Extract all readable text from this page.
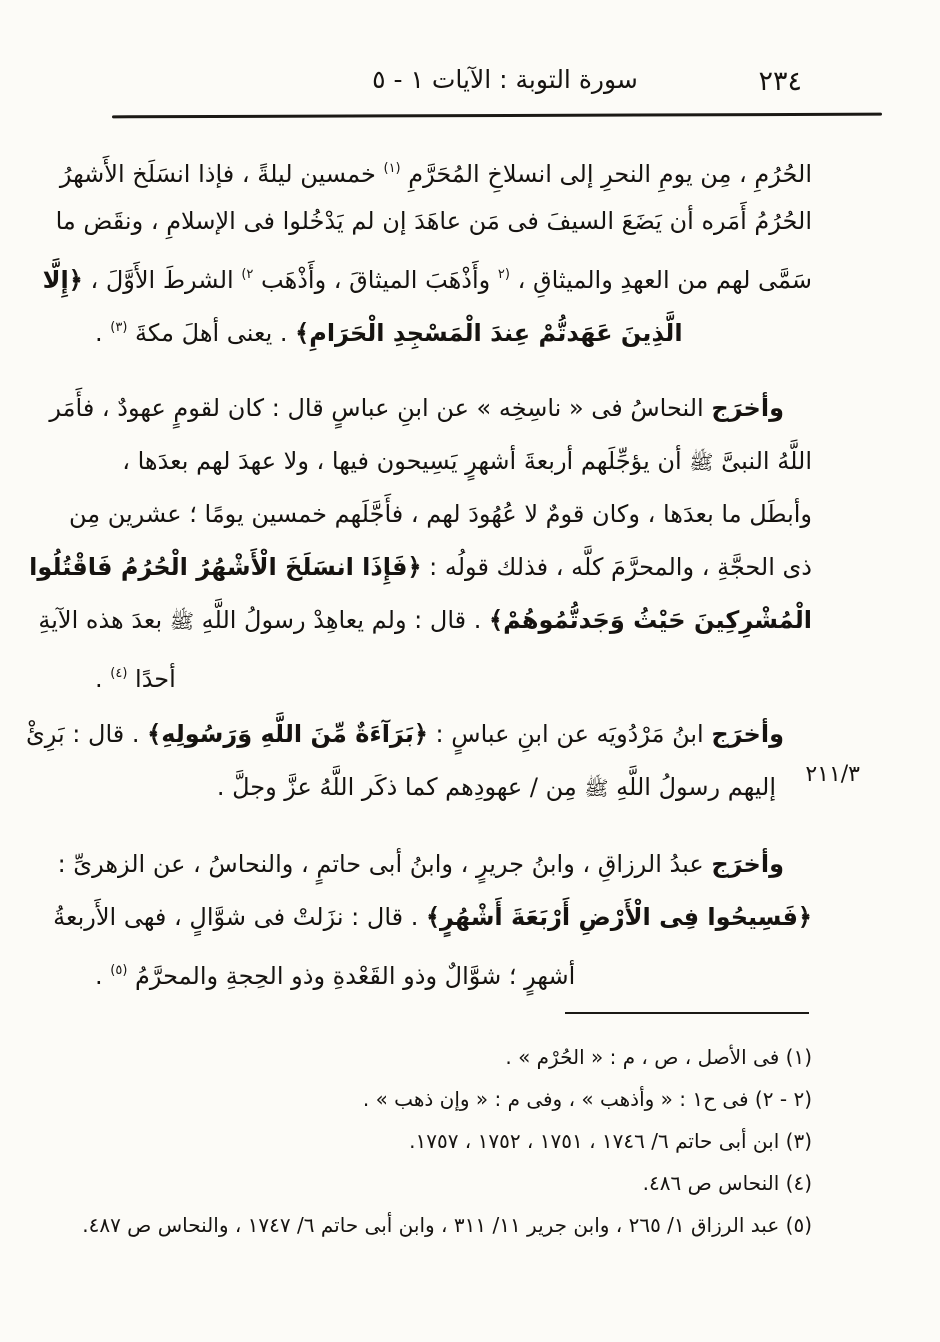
سورة التوبة : الآيات ١ - ٥	٢٣٤
الحُرُمِ ، مِن يومِ النحرِ إلى انسلاخِ المُحَرَّمِ $^{(١)}$ خمسين ليلةً ، فإذا انسَلَخ الأَشهرُ
الحُرُمُ أَمَره أن يَضَعَ السيفَ فى مَن عاهَدَ إن لم يَدْخُلوا فى الإسلامِ ، ونقَض ما
سَمَّى لهم من العهدِ والميثاقِ ، $^{(٢}$ وأَذْهَبَ الميثاقَ ، وأَذْهَب $^{٢)}$ الشرطَ الأَوَّلَ ، ﴿إِلَّا
الَّذِينَ عَهَدتُّمْ عِندَ الْمَسْجِدِ الْحَرَامِ﴾ . يعنى أهلَ مكةَ $^{(٣)}$ .
وأخرَج النحاسُ فى « ناسِخِه » عن ابنِ عباسٍ قال : كان لقومٍ عهودٌ ، فأَمَر
اللَّهُ النبىَّ ﷺ أن يؤجِّلَهم أربعةَ أشهرٍ يَسِيحون فيها ، ولا عهدَ لهم بعدَها ،
وأبطَل ما بعدَها ، وكان قومٌ لا عُهُودَ لهم ، فأَجَّلَهم خمسين يومًا ؛ عشرين مِن
ذى الحجَّةِ ، والمحرَّمَ كلَّه ، فذلك قولُه : ﴿فَإِذَا انسَلَخَ الْأَشْهُرُ الْحُرُمُ فَاقْتُلُوا
الْمُشْرِكِينَ حَيْثُ وَجَدتُّمُوهُمْ﴾ . قال : ولم يعاهِدْ رسولُ اللَّهِ ﷺ بعدَ هذه الآيةِ
أحدًا $^{(٤)}$ .
وأخرَج ابنُ مَرْدُويَه عن ابنِ عباسٍ : ﴿بَرَآءَةٌ مِّنَ اللَّهِ وَرَسُولِهِ﴾ . قال : بَرِئْ
إليهم رسولُ اللَّهِ ﷺ مِن / عهودِهم كما ذكَر اللَّهُ عزَّ وجلَّ .
وأخرَج عبدُ الرزاقِ ، وابنُ جريرٍ ، وابنُ أبى حاتمٍ ، والنحاسُ ، عن الزهرىِّ :
﴿فَسِيحُوا فِى الْأَرْضِ أَرْبَعَةَ أَشْهُرٍ﴾ . قال : نزَلتْ فى شوَّالٍ ، فهى الأَربعةُ
أشهرٍ ؛ شوَّالٌ وذو القَعْدةِ وذو الحِجةِ والمحرَّمُ $^{(٥)}$ .
٢١١/٣
(١) فى الأصل ، ص ، م : « الحُرْم » .
(٢ - ٢) فى ح١ : « وأذهب » ، وفى م : « وإن ذهب » .
(٣) ابن أبى حاتم ٦/ ١٧٤٦ ، ١٧٥١ ، ١٧٥٢ ، ١٧٥٧.
(٤) النحاس ص ٤٨٦.
(٥) عبد الرزاق ١/ ٢٦٥ ، وابن جرير ١١/ ٣١١ ، وابن أبى حاتم ٦/ ١٧٤٧ ، والنحاس ص ٤٨٧.
